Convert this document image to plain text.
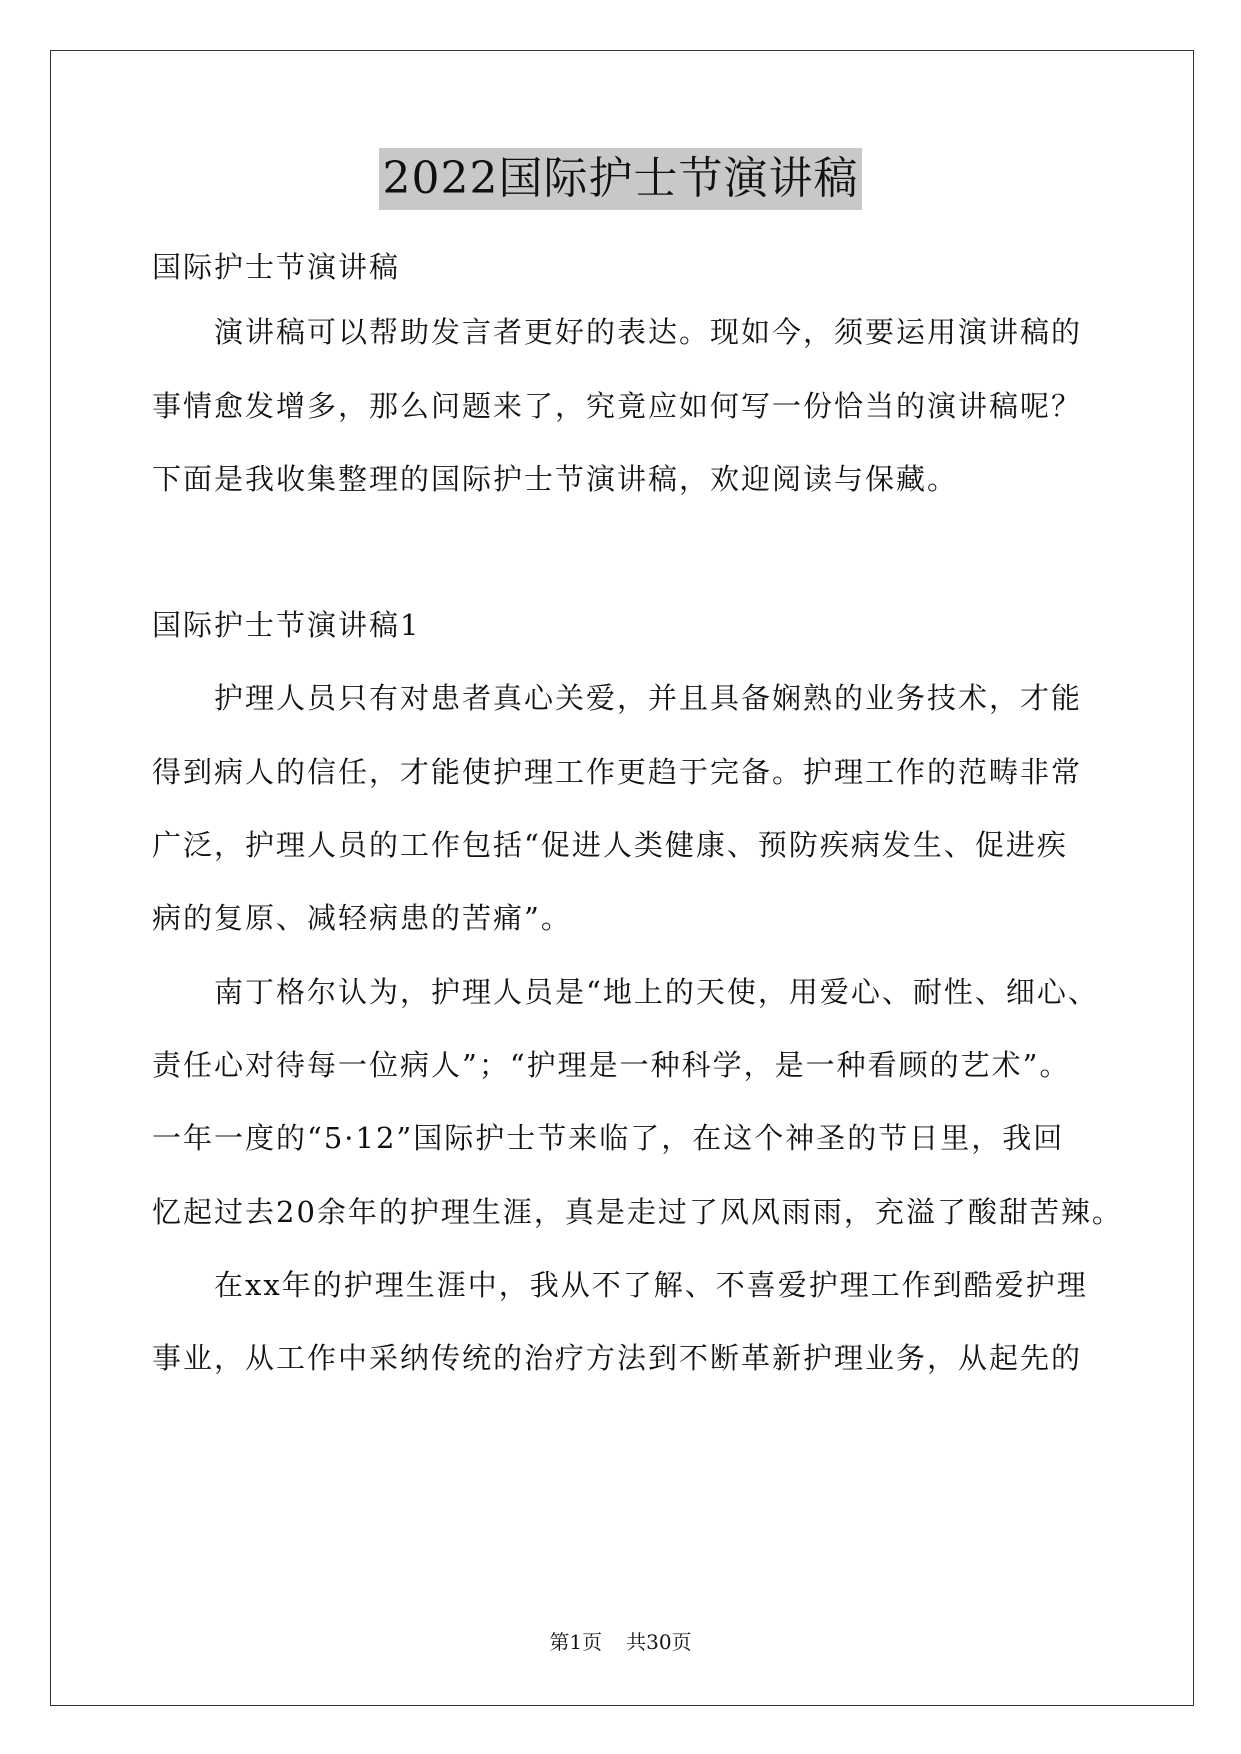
2022国际护士节演讲稿
国际护士节演讲稿
演讲稿可以帮助发言者更好的表达。现如今，须要运用演讲稿的
事情愈发增多，那么问题来了，究竟应如何写一份恰当的演讲稿呢？
下面是我收集整理的国际护士节演讲稿，欢迎阅读与保藏。
国际护士节演讲稿1
护理人员只有对患者真心关爱，并且具备娴熟的业务技术，才能
得到病人的信任，才能使护理工作更趋于完备。护理工作的范畴非常
广泛，护理人员的工作包括“促进人类健康、预防疾病发生、促进疾
病的复原、减轻病患的苦痛”。
南丁格尔认为，护理人员是“地上的天使，用爱心、耐性、细心、
责任心对待每一位病人”；“护理是一种科学，是一种看顾的艺术”。
一年一度的“5·12”国际护士节来临了，在这个神圣的节日里，我回
忆起过去20余年的护理生涯，真是走过了风风雨雨，充溢了酸甜苦辣。
在xx年的护理生涯中，我从不了解、不喜爱护理工作到酷爱护理
事业，从工作中采纳传统的治疗方法到不断革新护理业务，从起先的
第1页 共30页
